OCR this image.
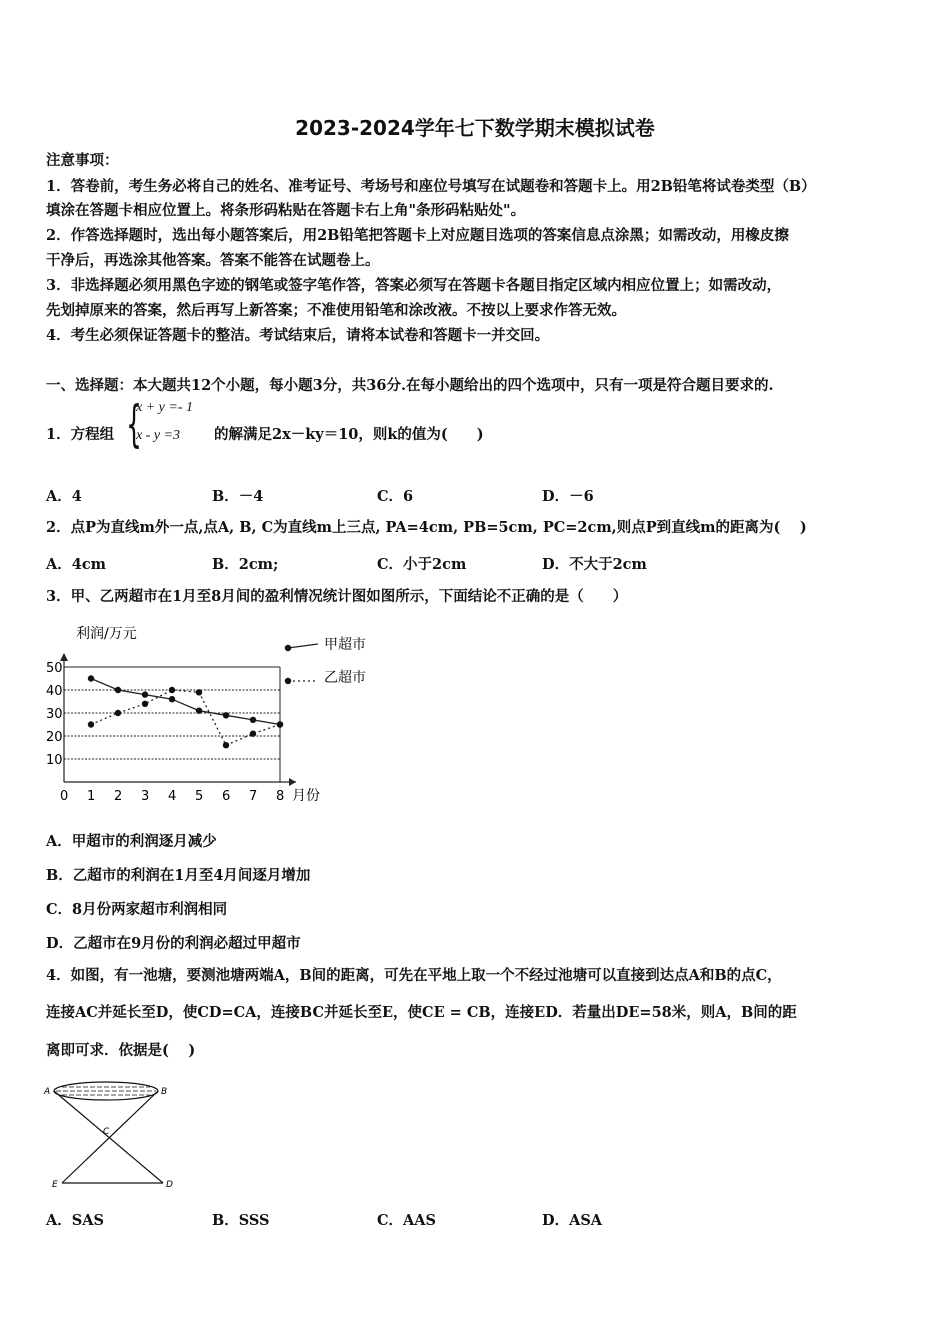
2023-2024学年七下数学期末模拟试卷
注意事项：
1．答卷前，考生务必将自己的姓名、准考证号、考场号和座位号填写在试题卷和答题卡上。用2B铅笔将试卷类型（B）
填涂在答题卡相应位置上。将条形码粘贴在答题卡右上角"条形码粘贴处"。
2．作答选择题时，选出每小题答案后，用2B铅笔把答题卡上对应题目选项的答案信息点涂黑；如需改动，用橡皮擦
干净后，再选涂其他答案。答案不能答在试题卷上。
3．非选择题必须用黑色字迹的钢笔或签字笔作答，答案必须写在答题卡各题目指定区域内相应位置上；如需改动，
先划掉原来的答案，然后再写上新答案；不准使用铅笔和涂改液。不按以上要求作答无效。
4．考生必须保证答题卡的整洁。考试结束后，请将本试卷和答题卡一并交回。
一、选择题：本大题共12个小题，每小题3分，共36分.在每小题给出的四个选项中，只有一项是符合题目要求的.
1．方程组 {
x + y =- 1
x - y =3 的解满足2x－ky＝10，则k的值为(　　)
A．4	B．－4	C．6	D．－6
2．点P为直线m外一点,点A, B, C为直线m上三点, PA=4cm, PB=5cm, PC=2cm,则点P到直线m的距离为(　 )
A．4cm	B．2cm;	C．小于2cm	D．不大于2cm
3．甲、乙两超市在1月至8月间的盈利情况统计图如图所示，下面结论不正确的是（　　）
10
20
30
40
50
0 1 2 3 4 5 6 7 8
甲超市
乙超市
利润/万元
月份
A．甲超市的利润逐月减少
B．乙超市的利润在1月至4月间逐月增加
C．8月份两家超市利润相同
D．乙超市在9月份的利润必超过甲超市
4．如图，有一池塘，要测池塘两端A，B间的距离，可先在平地上取一个不经过池塘可以直接到达点A和B的点C，
连接AC并延长至D，使CD=CA，连接BC并延长至E，使CE = CB，连接ED．若量出DE=58米，则A，B间的距
离即可求．依据是(　 )
A	B
C
D
E
A．SAS	B．SSS	C．AAS	D．ASA
